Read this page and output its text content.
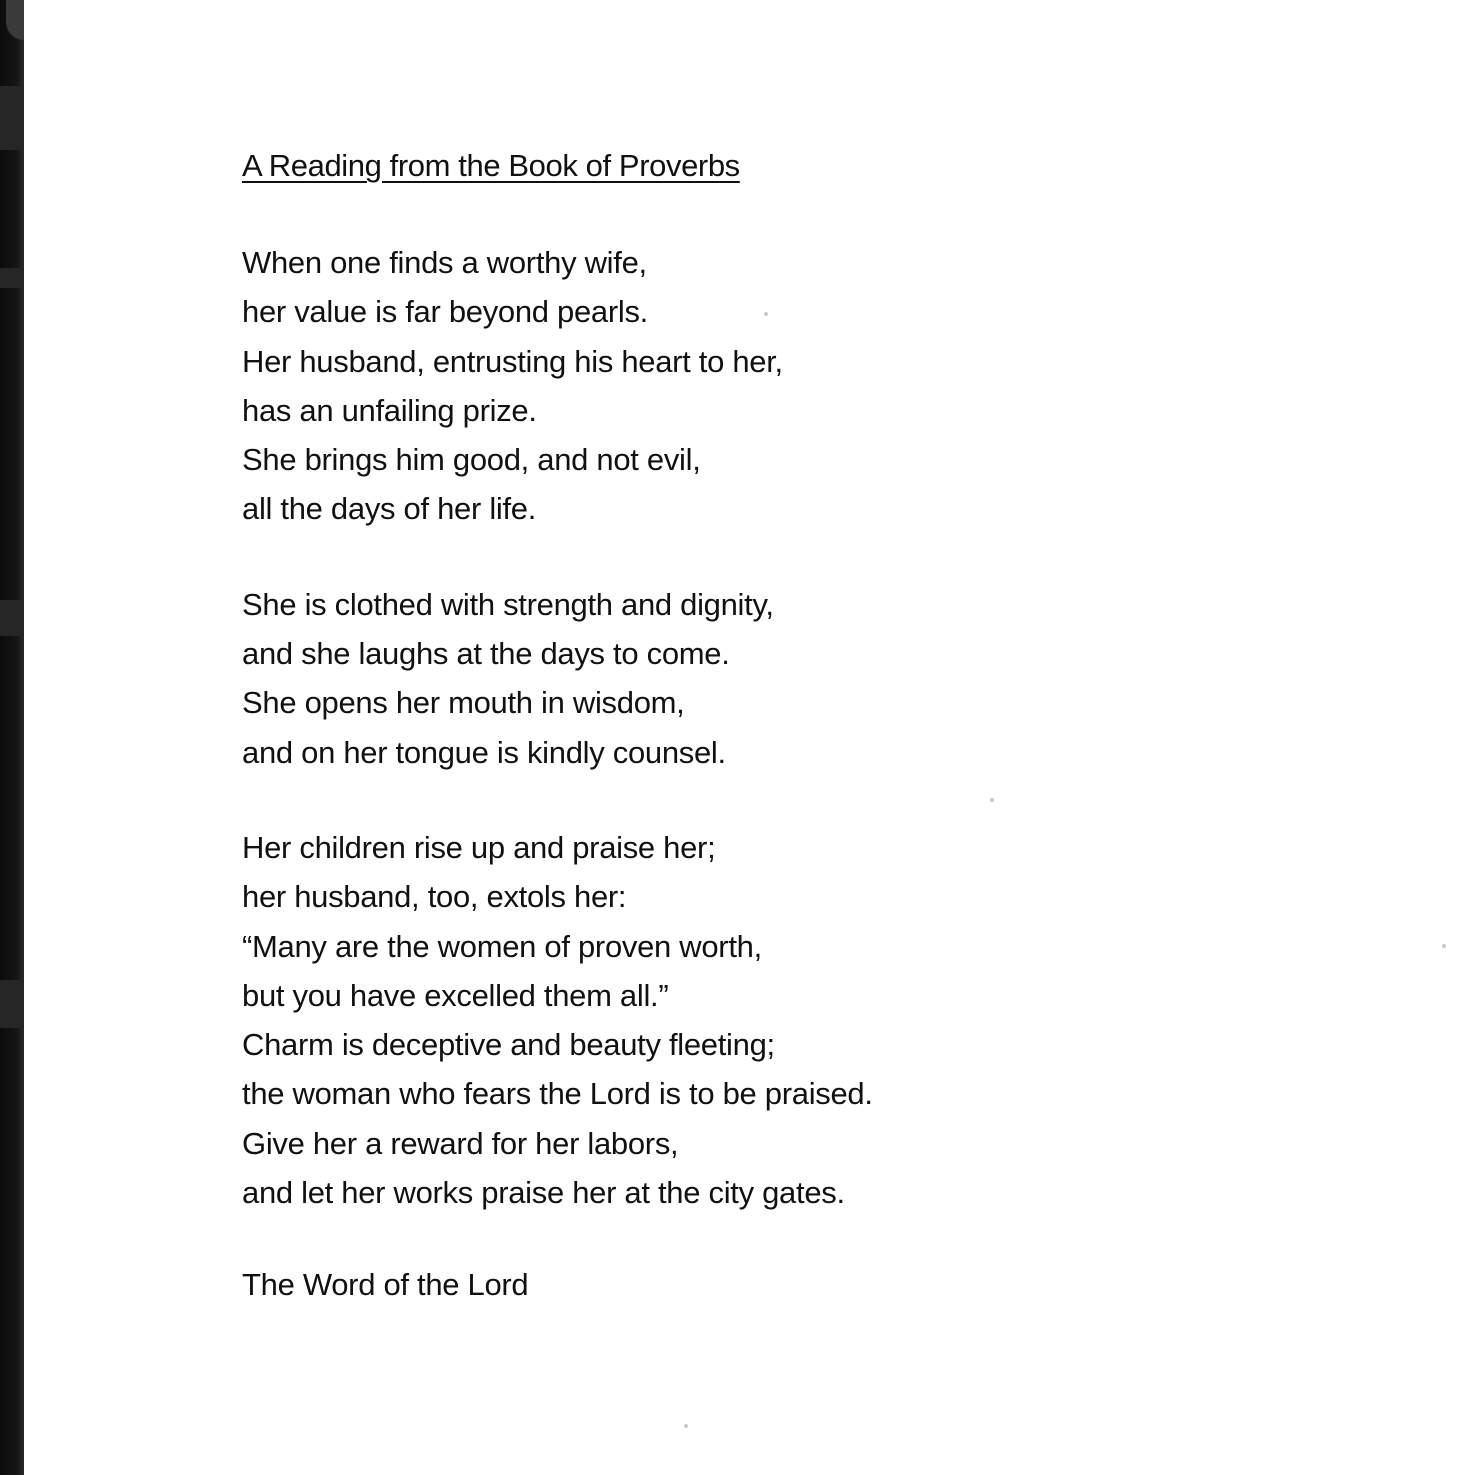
A Reading from the Book of Proverbs
When one finds a worthy wife,
her value is far beyond pearls.
Her husband, entrusting his heart to her,
has an unfailing prize.
She brings him good, and not evil,
all the days of her life.
She is clothed with strength and dignity,
and she laughs at the days to come.
She opens her mouth in wisdom,
and on her tongue is kindly counsel.
Her children rise up and praise her;
her husband, too, extols her:
“Many are the women of proven worth,
but you have excelled them all.”
Charm is deceptive and beauty fleeting;
the woman who fears the Lord is to be praised.
Give her a reward for her labors,
and let her works praise her at the city gates.
The Word of the Lord
